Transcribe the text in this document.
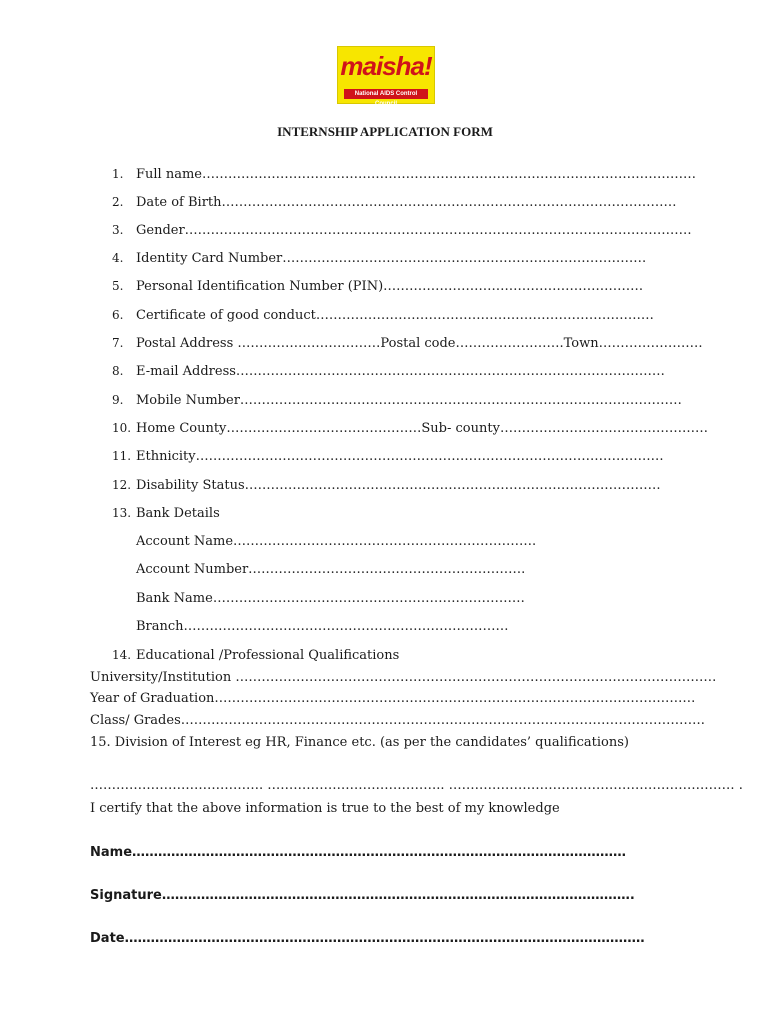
maisha!
National AIDS Control Council
INTERNSHIP APPLICATION FORM
1. Full name……………………………………………………………………………………………………
2. Date of Birth……………………………………………………………………………………………
3. Gender………………………………………………………………………………………………………
4. Identity Card Number…………………………………………………………………………
5. Personal Identification Number (PIN)……………………………………………………
6. Certificate of good conduct……………………………………………………………………
7. Postal Address ……………………………Postal code…………………….Town……………………
8. E-mail Address………………………………………………………………………………………
9. Mobile Number…………………………………………………………………………………………
10. Home County………………………………………Sub- county…………………………………………
11. Ethnicity………………………………………………………………………………………………
12. Disability Status……………………………………………………………………………………
13. Bank Details
Account Name…………………………………………………………….
Account Number……………………………………………………….
Bank Name………………………………………………………………
Branch…………………………………………………………………
14. Educational /Professional Qualifications
University/Institution …………………………………………………………………………………………………
Year of Graduation…………………………………………………………………………………………………
Class/ Grades………………………………………………………………………………………………………….
15. Division of Interest eg HR, Finance etc. (as per the candidates’ qualifications)
…………………………………. ………………………………….. ………………………………………………………… .
I certify that the above information is true to the best of my knowledge
Name……………………………………………………………………………………………………
Signature……………………………………………………………………………………………….
Date…………………………………………………………………………………………………………
